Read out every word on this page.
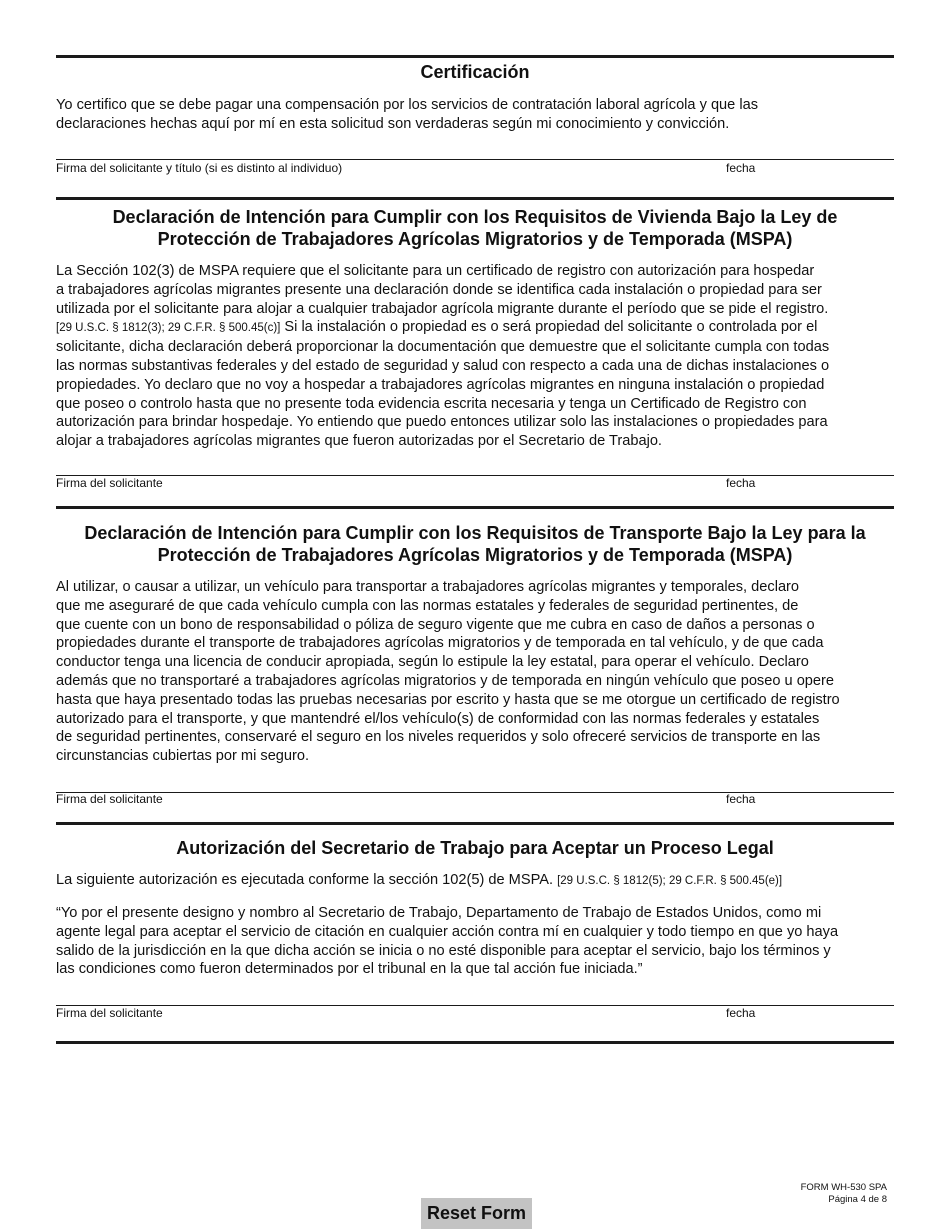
Certificación

Yo certifico que se debe pagar una compensación por los servicios de contratación laboral agrícola y que las
declaraciones hechas aquí por mí en esta solicitud son verdaderas según mi conocimiento y convicción.

Firma del solicitante y título (si es distinto al individuo)	fecha
Declaración de Intención para Cumplir con los Requisitos de Vivienda Bajo la Ley de
Protección de Trabajadores Agrícolas Migratorios y de Temporada (MSPA)

La Sección 102(3) de MSPA requiere que el solicitante para un certificado de registro con autorización para hospedar
a trabajadores agrícolas migrantes presente una declaración donde se identifica cada instalación o propiedad para ser
utilizada por el solicitante para alojar a cualquier trabajador agrícola migrante durante el período que se pide el registro.
[29 U.S.C. § 1812(3); 29 C.F.R. § 500.45(c)] Si la instalación o propiedad es o será propiedad del solicitante o controlada por el
solicitante, dicha declaración deberá proporcionar la documentación que demuestre que el solicitante cumpla con todas
las normas substantivas federales y del estado de seguridad y salud con respecto a cada una de dichas instalaciones o
propiedades. Yo declaro que no voy a hospedar a trabajadores agrícolas migrantes en ninguna instalación o propiedad
que poseo o controlo hasta que no presente toda evidencia escrita necesaria y tenga un Certificado de Registro con
autorización para brindar hospedaje. Yo entiendo que puedo entonces utilizar solo las instalaciones o propiedades para
alojar a trabajadores agrícolas migrantes que fueron autorizadas por el Secretario de Trabajo.

Firma del solicitante	fecha
Declaración de Intención para Cumplir con los Requisitos de Transporte Bajo la Ley para la
Protección de Trabajadores Agrícolas Migratorios y de Temporada (MSPA)

Al utilizar, o causar a utilizar, un vehículo para transportar a trabajadores agrícolas migrantes y temporales, declaro
que me aseguraré de que cada vehículo cumpla con las normas estatales y federales de seguridad pertinentes, de
que cuente con un bono de responsabilidad o póliza de seguro vigente que me cubra en caso de daños a personas o
propiedades durante el transporte de trabajadores agrícolas migratorios y de temporada en tal vehículo, y de que cada
conductor tenga una licencia de conducir apropiada, según lo estipule la ley estatal, para operar el vehículo. Declaro
además que no transportaré a trabajadores agrícolas migratorios y de temporada en ningún vehículo que poseo u opere
hasta que haya presentado todas las pruebas necesarias por escrito y hasta que se me otorgue un certificado de registro
autorizado para el transporte, y que mantendré el/los vehículo(s) de conformidad con las normas federales y estatales
de seguridad pertinentes, conservaré el seguro en los niveles requeridos y solo ofreceré servicios de transporte en las
circunstancias cubiertas por mi seguro.

Firma del solicitante	fecha
Autorización del Secretario de Trabajo para Aceptar un Proceso Legal

La siguiente autorización es ejecutada conforme la sección 102(5) de MSPA. [29 U.S.C. § 1812(5); 29 C.F.R. § 500.45(e)]

“Yo por el presente designo y nombro al Secretario de Trabajo, Departamento de Trabajo de Estados Unidos, como mi
agente legal para aceptar el servicio de citación en cualquier acción contra mí en cualquier y todo tiempo en que yo haya
salido de la jurisdicción en la que dicha acción se inicia o no esté disponible para aceptar el servicio, bajo los términos y
las condiciones como fueron determinados por el tribunal en la que tal acción fue iniciada.”

Firma del solicitante	fecha
FORM WH-530 SPA
Página 4 de 8
Reset Form
